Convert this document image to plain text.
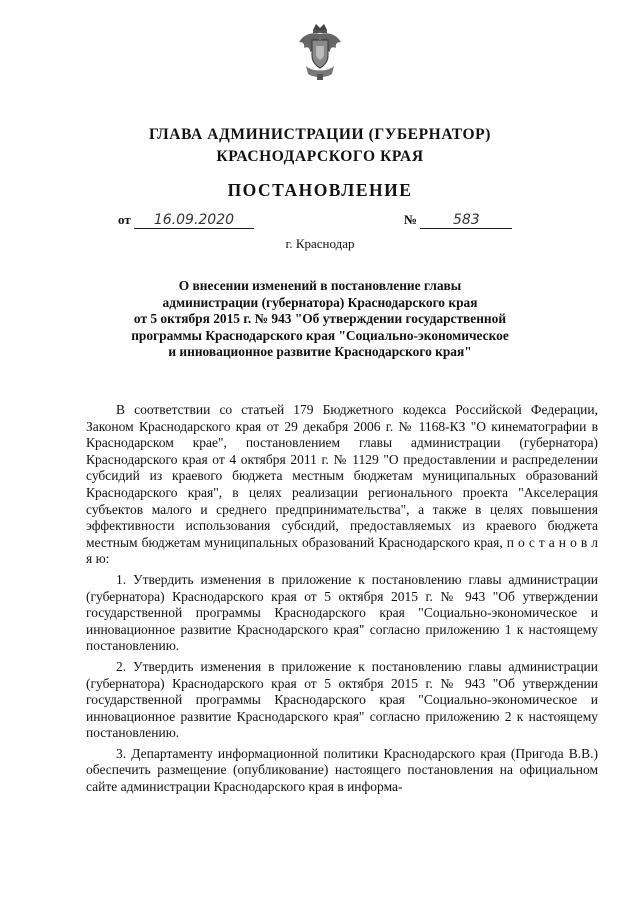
ГЛАВА АДМИНИСТРАЦИИ (ГУБЕРНАТОР)
КРАСНОДАРСКОГО КРАЯ
ПОСТАНОВЛЕНИЕ
от 16.09.2020	№	583
г. Краснодар

О внесении изменений в постановление главы

администрации (губернатора) Краснодарского края

от 5 октября 2015 г. № 943 "Об утверждении государственной

программы Краснодарского края "Социально-экономическое

и инновационное развитие Краснодарского края"

В соответствии со статьей 179 Бюджетного кодекса Российской Федерации, Законом Краснодарского края от 29 декабря 2006 г. № 1168-КЗ "О кинематографии в Краснодарском крае", постановлением главы администрации (губернатора) Краснодарского края от 4 октября 2011 г. № 1129 "О предоставлении и распределении субсидий из краевого бюджета местным бюджетам муниципальных образований Краснодарского края", в целях реализации регионального проекта "Акселерация субъектов малого и среднего предпринимательства", а также в целях повышения эффективности использования субсидий, предоставляемых из краевого бюджета местным бюджетам муниципальных образований Краснодарского края, п о с т а н о в л я ю:

1. Утвердить изменения в приложение к постановлению главы администрации (губернатора) Краснодарского края от 5 октября 2015 г. № 943 "Об утверждении государственной программы Краснодарского края "Социально-экономическое и инновационное развитие Краснодарского края" согласно приложению 1 к настоящему постановлению.

2. Утвердить изменения в приложение к постановлению главы администрации (губернатора) Краснодарского края от 5 октября 2015 г. № 943 "Об утверждении государственной программы Краснодарского края "Социально-экономическое и инновационное развитие Краснодарского края" согласно приложению 2 к настоящему постановлению.

3. Департаменту информационной политики Краснодарского края (Пригода В.В.) обеспечить размещение (опубликование) настоящего постановления на официальном сайте администрации Краснодарского края в информа-
